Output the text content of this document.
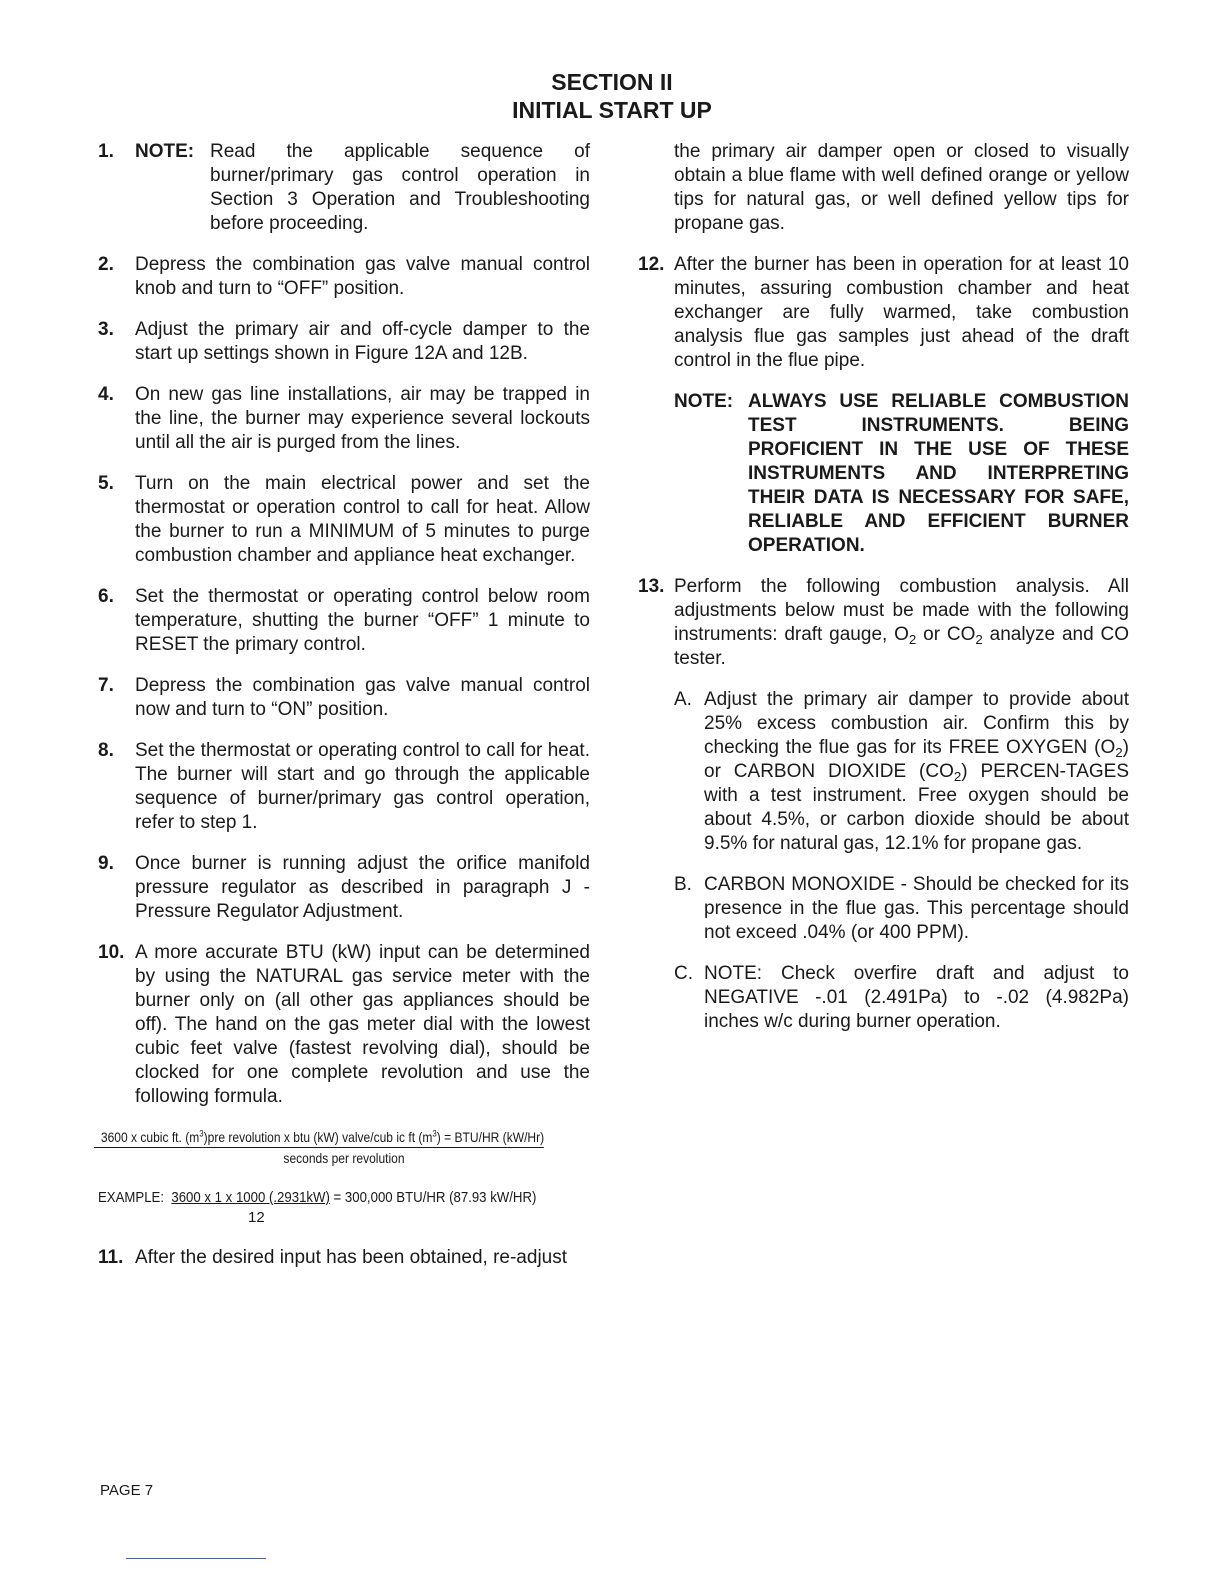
SECTION II
INITIAL START UP
1.	NOTE: Read the applicable sequence of burner/primary gas control operation in Section 3 Operation and Troubleshooting before proceeding.
2.	Depress the combination gas valve manual control knob and turn to “OFF” position.
3.	Adjust the primary air and off-cycle damper to the start up settings shown in Figure 12A and 12B.
4.	On new gas line installations, air may be trapped in the line, the burner may experience several lockouts until all the air is purged from the lines.
5.	Turn on the main electrical power and set the thermostat or operation control to call for heat. Allow the burner to run a MINIMUM of 5 minutes to purge combustion chamber and appliance heat exchanger.
6.	Set the thermostat or operating control below room temperature, shutting the burner “OFF” 1 minute to RESET the primary control.
7.	Depress the combination gas valve manual control now and turn to “ON” position.
8.	Set the thermostat or operating control to call for heat. The burner will start and go through the applicable sequence of burner/primary gas control operation, refer to step 1.
9.	Once burner is running adjust the orifice manifold pressure regulator as described in paragraph J - Pressure Regulator Adjustment.
10. A more accurate BTU (kW) input can be determined by using the NATURAL gas service meter with the burner only on (all other gas appliances should be off). The hand on the gas meter dial with the lowest cubic feet valve (fastest revolving dial), should be clocked for one complete revolution and use the following formula.
3600 x cubic ft. $(m^3)pre$ revolution x btu (kW) valve/cub ic ft $(m^3) = BTU/HR$ (kW/Hr)
seconds per revolution
EXAMPLE: 3600 x 1 x 1000 (.2931kW) = 300,000 BTU/HR (87.93 kW/HR)
12
11. After the desired input has been obtained, re-adjust
the primary air damper open or closed to visually obtain a blue flame with well defined orange or yellow tips for natural gas, or well defined yellow tips for propane gas.
12. After the burner has been in operation for at least 10 minutes, assuring combustion chamber and heat exchanger are fully warmed, take combustion analysis flue gas samples just ahead of the draft control in the flue pipe.
NOTE: ALWAYS USE RELIABLE COMBUSTION TEST INSTRUMENTS. BEING PROFICIENT IN THE USE OF THESE INSTRUMENTS AND INTERPRETING THEIR DATA IS NECESSARY FOR SAFE, RELIABLE AND EFFICIENT BURNER OPERATION.
13. Perform the following combustion analysis. All adjustments below must be made with the following instruments: draft gauge, $O_2$ or $CO_2$ analyze and CO tester.
A. Adjust the primary air damper to provide about 25% excess combustion air. Confirm this by checking the flue gas for its FREE OXYGEN $(O_2)$ or CARBON DIOXIDE $(CO_2)$ PERCEN-TAGES with a test instrument. Free oxygen should be about 4.5%, or carbon dioxide should be about 9.5% for natural gas, 12.1% for propane gas.
B. CARBON MONOXIDE - Should be checked for its presence in the flue gas. This percentage should not exceed .04% (or 400 PPM).
C. NOTE: Check overfire draft and adjust to NEGATIVE -.01 (2.491Pa) to -.02 (4.982Pa) inches w/c during burner operation.
PAGE 7
